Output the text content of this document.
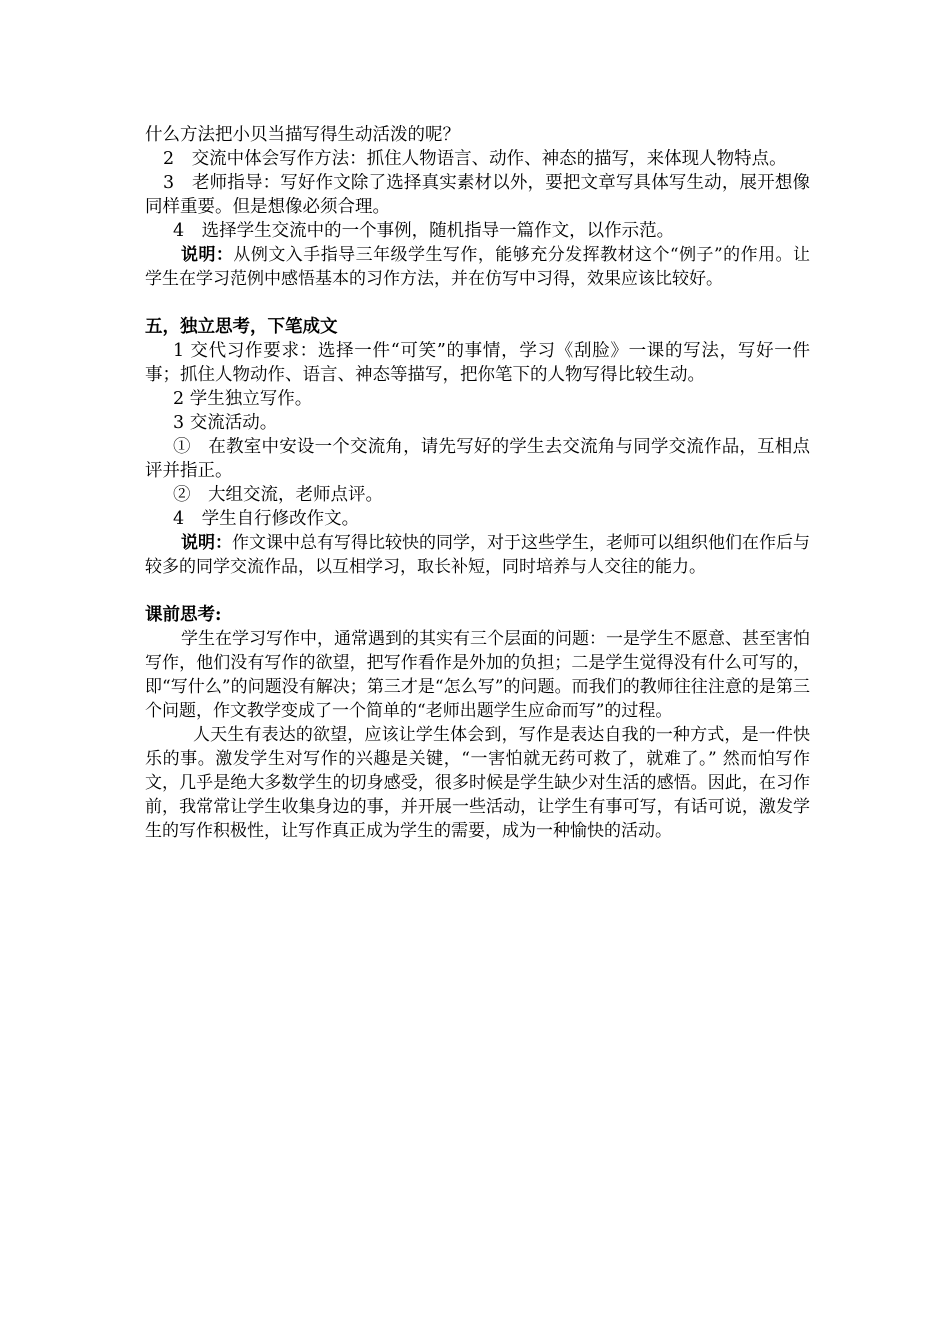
什么方法把小贝当描写得生动活泼的呢？
2　交流中体会写作方法：抓住人物语言、动作、神态的描写，来体现人物特点。
3　老师指导：写好作文除了选择真实素材以外，要把文章写具体写生动，展开想像同样重要。但是想像必须合理。
4　选择学生交流中的一个事例，随机指导一篇作文，以作示范。
说明：从例文入手指导三年级学生写作，能够充分发挥教材这个“例子”的作用。让学生在学习范例中感悟基本的习作方法，并在仿写中习得，效果应该比较好。
五，独立思考，下笔成文
1 交代习作要求：选择一件“可笑”的事情，学习《刮脸》一课的写法，写好一件事；抓住人物动作、语言、神态等描写，把你笔下的人物写得比较生动。
2 学生独立写作。
3 交流活动。
①　在教室中安设一个交流角，请先写好的学生去交流角与同学交流作品，互相点评并指正。
②　大组交流，老师点评。
4　学生自行修改作文。
说明：作文课中总有写得比较快的同学，对于这些学生，老师可以组织他们在作后与较多的同学交流作品，以互相学习，取长补短，同时培养与人交往的能力。
课前思考:
学生在学习写作中，通常遇到的其实有三个层面的问题：一是学生不愿意、甚至害怕写作，他们没有写作的欲望，把写作看作是外加的负担；二是学生觉得没有什么可写的，即“写什么”的问题没有解决；第三才是“怎么写”的问题。而我们的教师往往注意的是第三个问题，作文教学变成了一个简单的“老师出题学生应命而写”的过程。
人天生有表达的欲望，应该让学生体会到，写作是表达自我的一种方式，是一件快乐的事。激发学生对写作的兴趣是关键，“一害怕就无药可救了，就难了。” 然而怕写作文，几乎是绝大多数学生的切身感受，很多时候是学生缺少对生活的感悟。因此，在习作前，我常常让学生收集身边的事，并开展一些活动，让学生有事可写，有话可说，激发学生的写作积极性，让写作真正成为学生的需要，成为一种愉快的活动。
